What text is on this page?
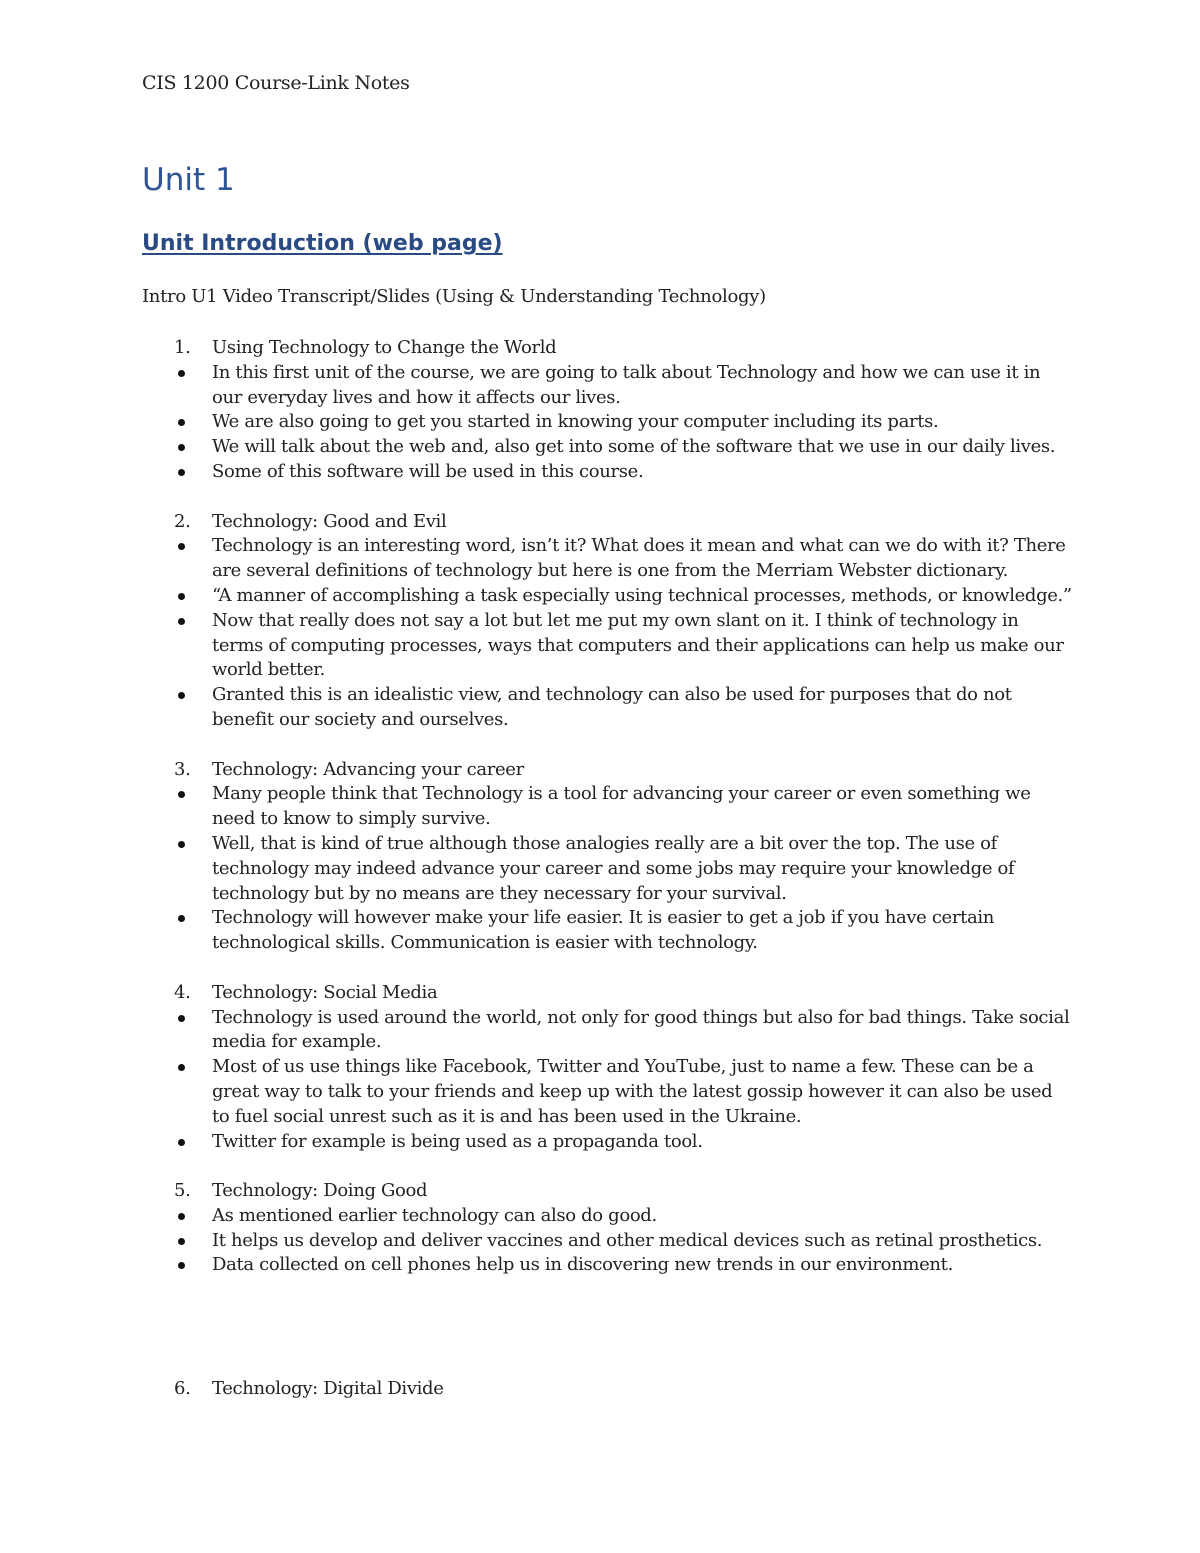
CIS 1200 Course-Link Notes
Unit 1
Unit Introduction (web page)
Intro U1 Video Transcript/Slides (Using & Understanding Technology)
1.	Using Technology to Change the World
In this first unit of the course, we are going to talk about Technology and how we can use it in our everyday lives and how it affects our lives.
We are also going to get you started in knowing your computer including its parts.
We will talk about the web and, also get into some of the software that we use in our daily lives.
Some of this software will be used in this course.
2.	Technology: Good and Evil
Technology is an interesting word, isn’t it? What does it mean and what can we do with it? There are several definitions of technology but here is one from the Merriam Webster dictionary.
“A manner of accomplishing a task especially using technical processes, methods, or knowledge.”
Now that really does not say a lot but let me put my own slant on it. I think of technology in terms of computing processes, ways that computers and their applications can help us make our world better.
Granted this is an idealistic view, and technology can also be used for purposes that do not benefit our society and ourselves.
3.	Technology: Advancing your career
Many people think that Technology is a tool for advancing your career or even something we need to know to simply survive.
Well, that is kind of true although those analogies really are a bit over the top. The use of technology may indeed advance your career and some jobs may require your knowledge of technology but by no means are they necessary for your survival.
Technology will however make your life easier. It is easier to get a job if you have certain technological skills. Communication is easier with technology.
4.	Technology: Social Media
Technology is used around the world, not only for good things but also for bad things. Take social media for example.
Most of us use things like Facebook, Twitter and YouTube, just to name a few. These can be a great way to talk to your friends and keep up with the latest gossip however it can also be used to fuel social unrest such as it is and has been used in the Ukraine.
Twitter for example is being used as a propaganda tool.
5.	Technology: Doing Good
As mentioned earlier technology can also do good.
It helps us develop and deliver vaccines and other medical devices such as retinal prosthetics.
Data collected on cell phones help us in discovering new trends in our environment.
6.	Technology: Digital Divide
